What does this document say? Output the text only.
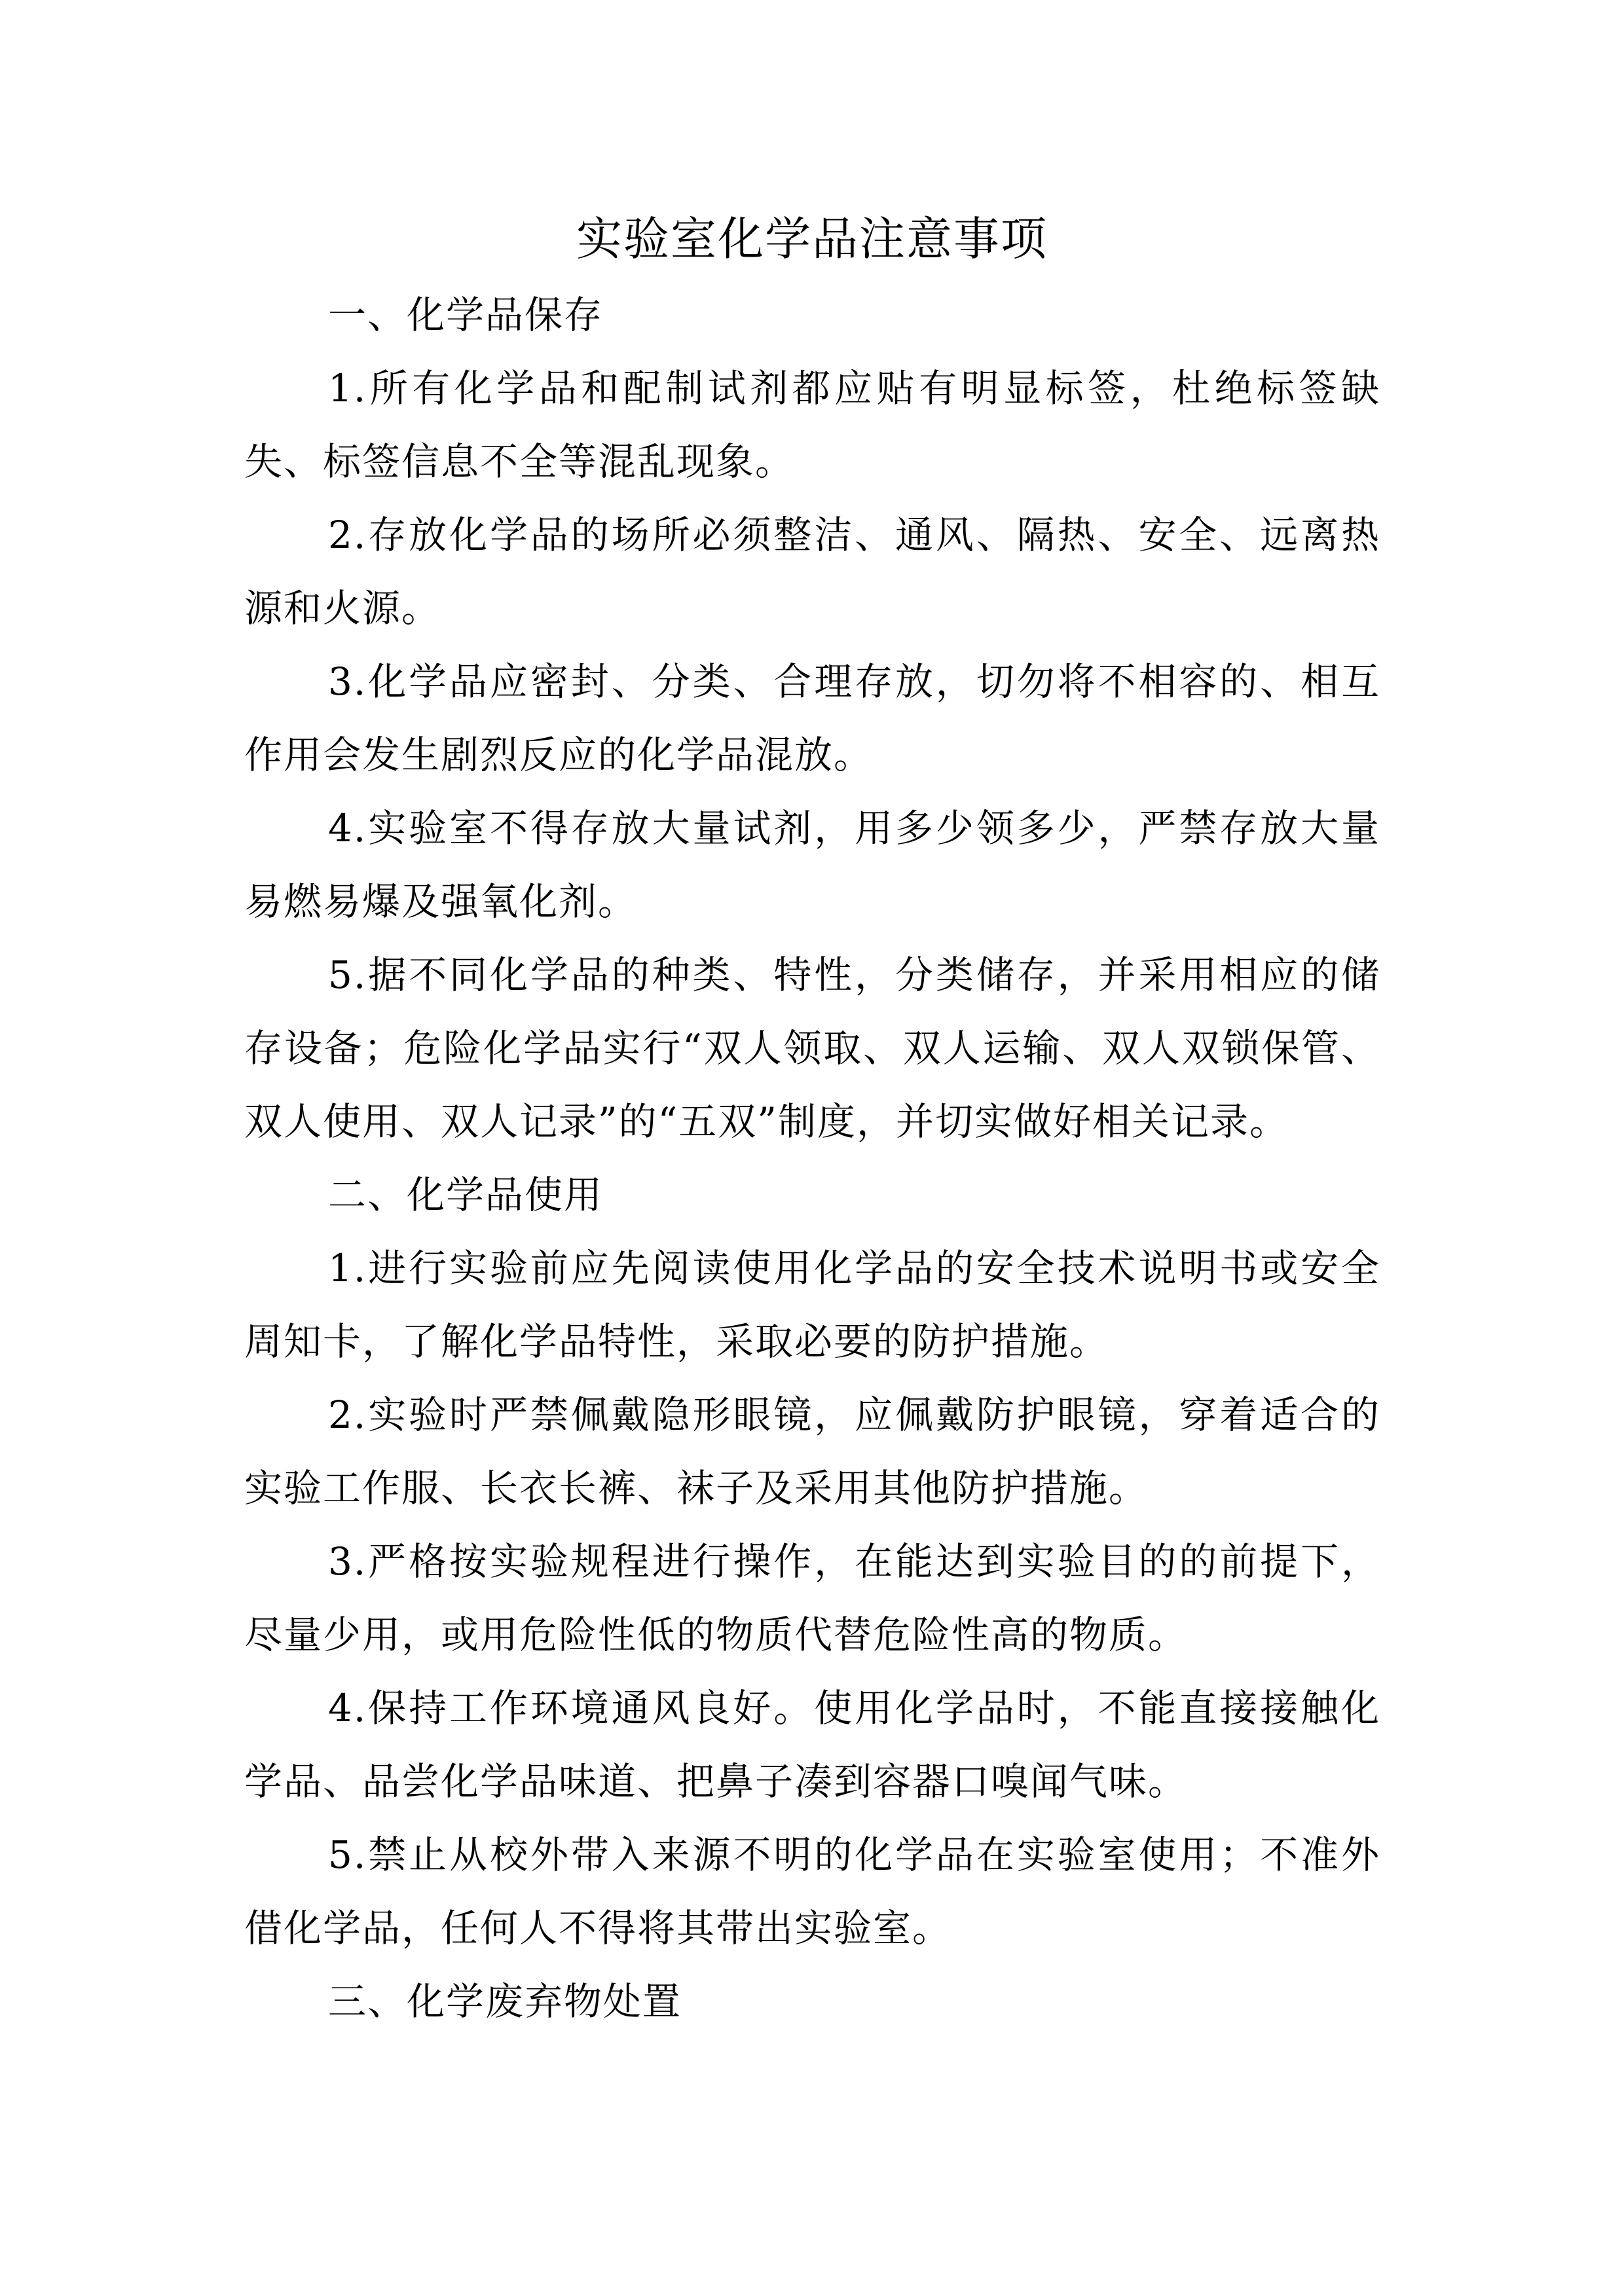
实验室化学品注意事项

一、化学品保存

1.所有化学品和配制试剂都应贴有明显标签，杜绝标签缺失、标签信息不全等混乱现象。

2.存放化学品的场所必须整洁、通风、隔热、安全、远离热源和火源。

3.化学品应密封、分类、合理存放，切勿将不相容的、相互作用会发生剧烈反应的化学品混放。

4.实验室不得存放大量试剂，用多少领多少，严禁存放大量易燃易爆及强氧化剂。

5.据不同化学品的种类、特性，分类储存，并采用相应的储存设备；危险化学品实行“双人领取、双人运输、双人双锁保管、双人使用、双人记录”的“五双”制度，并切实做好相关记录。

二、化学品使用

1.进行实验前应先阅读使用化学品的安全技术说明书或安全周知卡，了解化学品特性，采取必要的防护措施。

2.实验时严禁佩戴隐形眼镜，应佩戴防护眼镜，穿着适合的实验工作服、长衣长裤、袜子及采用其他防护措施。

3.严格按实验规程进行操作，在能达到实验目的的前提下，尽量少用，或用危险性低的物质代替危险性高的物质。

4.保持工作环境通风良好。使用化学品时，不能直接接触化学品、品尝化学品味道、把鼻子凑到容器口嗅闻气味。

5.禁止从校外带入来源不明的化学品在实验室使用；不准外借化学品，任何人不得将其带出实验室。

三、化学废弃物处置
